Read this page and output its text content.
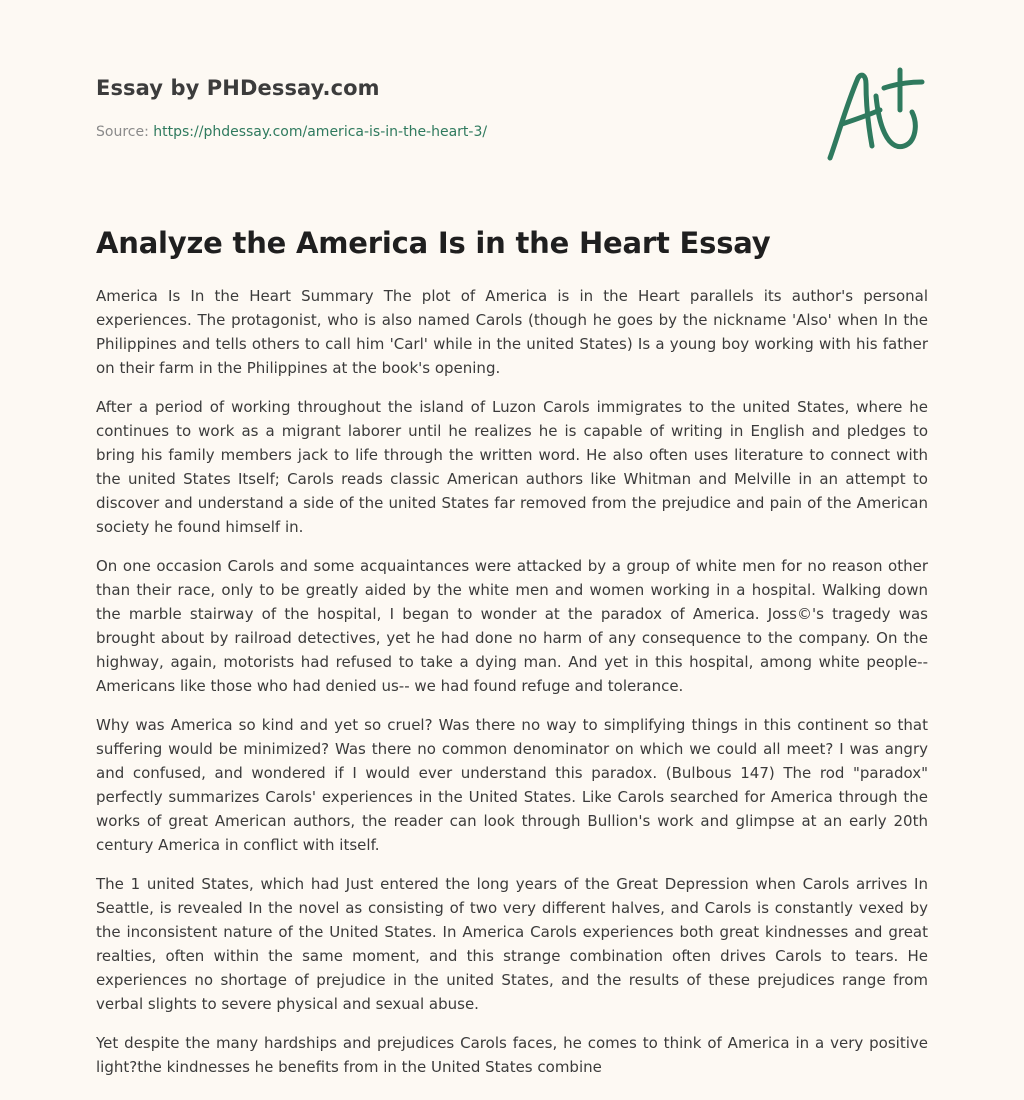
Essay by PHDessay.com
Source: https://phdessay.com/america-is-in-the-heart-3/
Analyze the America Is in the Heart Essay

America Is In the Heart Summary The plot of America is in the Heart parallels its author's personal experiences. The protagonist, who is also named Carols (though he goes by the nickname 'Also' when In the Philippines and tells others to call him 'Carl' while in the united States) Is a young boy working with his father on their farm in the Philippines at the book's opening.

After a period of working throughout the island of Luzon Carols immigrates to the united States, where he continues to work as a migrant laborer until he realizes he is capable of writing in English and pledges to bring his family members jack to life through the written word. He also often uses literature to connect with the united States Itself; Carols reads classic American authors like Whitman and Melville in an attempt to discover and understand a side of the united States far removed from the prejudice and pain of the American society he found himself in.

On one occasion Carols and some acquaintances were attacked by a group of white men for no reason other than their race, only to be greatly aided by the white men and women working in a hospital. Walking down the marble stairway of the hospital, I began to wonder at the paradox of America. Joss©'s tragedy was brought about by railroad detectives, yet he had done no harm of any consequence to the company. On the highway, again, motorists had refused to take a dying man. And yet in this hospital, among white people-- Americans like those who had denied us-- we had found refuge and tolerance.

Why was America so kind and yet so cruel? Was there no way to simplifying things in this continent so that suffering would be minimized? Was there no common denominator on which we could all meet? I was angry and confused, and wondered if I would ever understand this paradox. (Bulbous 147) The rod "paradox" perfectly summarizes Carols' experiences in the United States. Like Carols searched for America through the works of great American authors, the reader can look through Bullion's work and glimpse at an early 20th century America in conflict with itself.

The 1 united States, which had Just entered the long years of the Great Depression when Carols arrives In Seattle, is revealed In the novel as consisting of two very different halves, and Carols is constantly vexed by the inconsistent nature of the United States. In America Carols experiences both great kindnesses and great realties, often within the same moment, and this strange combination often drives Carols to tears. He experiences no shortage of prejudice in the united States, and the results of these prejudices range from verbal slights to severe physical and sexual abuse.

Yet despite the many hardships and prejudices Carols faces, he comes to think of America in a very positive light?the kindnesses he benefits from in the United States combine
